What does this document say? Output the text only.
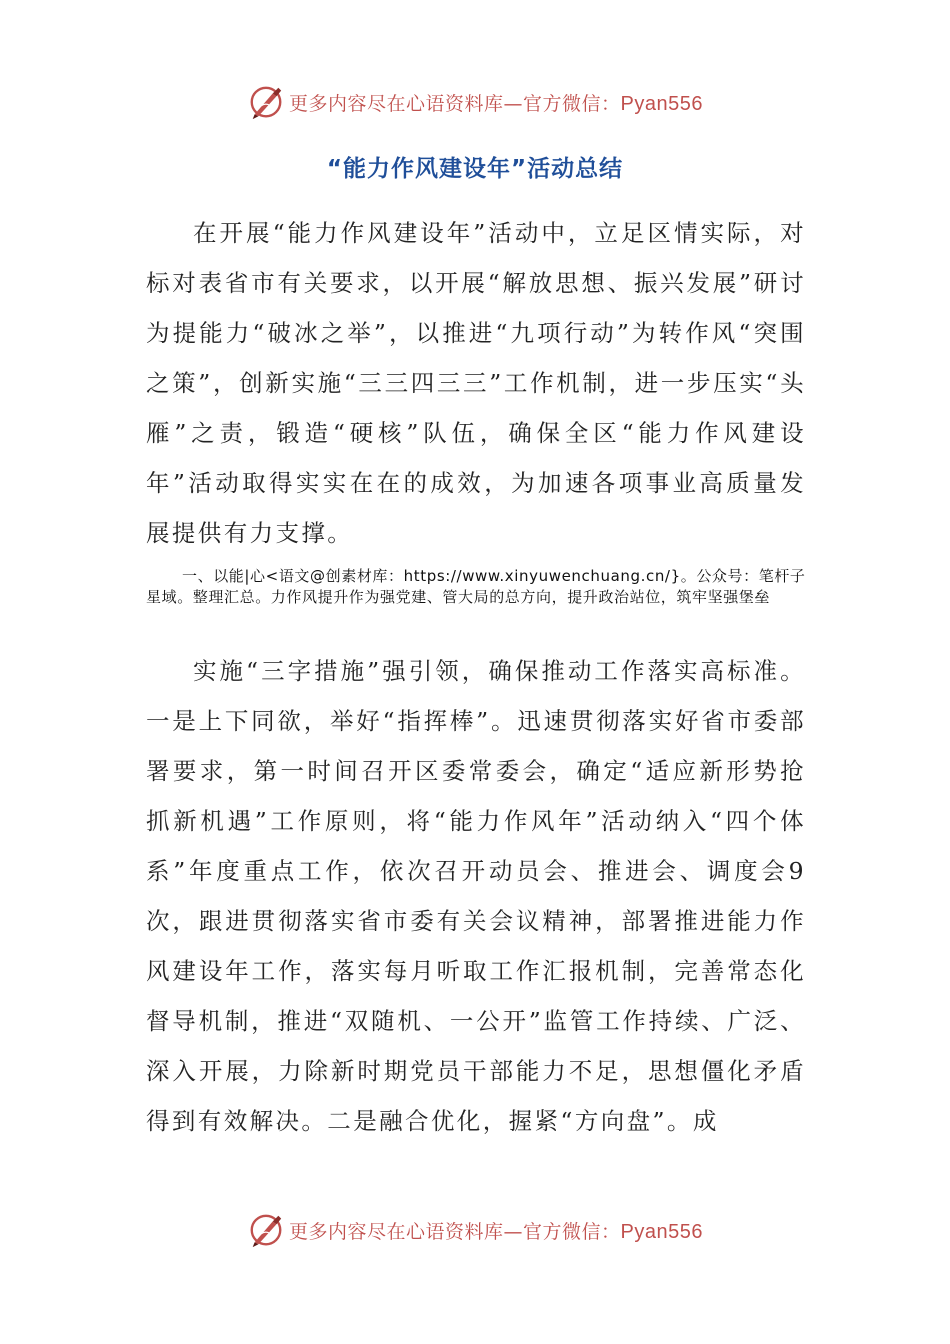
更多内容尽在心语资料库—官方微信：Pyan556
“能力作风建设年”活动总结

在开展“能力作风建设年”活动中，立足区情实际，对标对表省市有关要求，以开展“解放思想、振兴发展”研讨为提能力“破冰之举”，以推进“九项行动”为转作风“突围之策”，创新实施“三三四三三”工作机制，进一步压实“头雁”之责，锻造“硬核”队伍，确保全区“能力作风建设年”活动取得实实在在的成效，为加速各项事业高质量发展提供有力支撑。

一、以能|心<语文@创素材库：https://www.xinyuwenchuang.cn/}。公众号：笔杆子星域。整理汇总。力作风提升作为强党建、管大局的总方向，提升政治站位，筑牢坚强堡垒

实施“三字措施”强引领，确保推动工作落实高标准。一是上下同欲，举好“指挥棒”。迅速贯彻落实好省市委部署要求，第一时间召开区委常委会，确定“适应新形势抢抓新机遇”工作原则，将“能力作风年”活动纳入“四个体系”年度重点工作，依次召开动员会、推进会、调度会9次，跟进贯彻落实省市委有关会议精神，部署推进能力作风建设年工作，落实每月听取工作汇报机制，完善常态化督导机制，推进“双随机、一公开”监管工作持续、广泛、深入开展，力除新时期党员干部能力不足，思想僵化矛盾得到有效解决。二是融合优化，握紧“方向盘”。成

更多内容尽在心语资料库—官方微信：Pyan556
